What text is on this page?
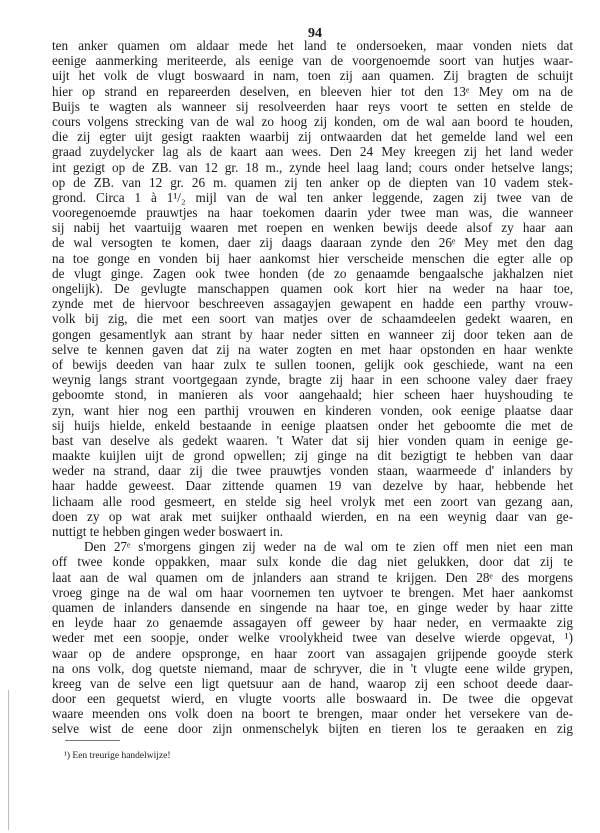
94
ten anker quamen om aldaar mede het land te ondersoeken, maar vonden niets dat
eenige aanmerking meriteerde, als eenige van de voorgenoemde soort van hutjes waar-
uijt het volk de vlugt boswaard in nam, toen zij aan quamen. Zij bragten de schuijt
hier op strand en repareerden deselven, en bleeven hier tot den 13ᵉ Mey om na de
Buijs te wagten als wanneer sij resolveerden haar reys voort te setten en stelde de
cours volgens strecking van de wal zo hoog zij konden, om de wal aan boord te houden,
die zij egter uijt gesigt raakten waarbij zij ontwaarden dat het gemelde land wel een
graad zuydelycker lag als de kaart aan wees. Den 24 Mey kreegen zij het land weder
int gezigt op de ZB. van 12 gr. 18 m., zynde heel laag land; cours onder hetselve langs;
op de ZB. van 12 gr. 26 m. quamen zij ten anker op de diepten van 10 vadem stek-
grond. Circa 1 à 1¹/₂ mijl van de wal ten anker leggende, zagen zij twee van de
vooregenoemde prauwtjes na haar toekomen daarin yder twee man was, die wanneer
sij nabij het vaartuijg waaren met roepen en wenken bewijs deede alsof zy haar aan
de wal versogten te komen, daer zij daags daaraan zynde den 26ᵉ Mey met den dag
na toe gonge en vonden bij haer aankomst hier verscheide menschen die egter alle op
de vlugt ginge. Zagen ook twee honden (de zo genaamde bengaalsche jakhalzen niet
ongelijk). De gevlugte manschappen quamen ook kort hier na weder na haar toe,
zynde met de hiervoor beschreeven assagayjen gewapent en hadde een parthy vrouw-
volk bij zig, die met een soort van matjes over de schaamdeelen gedekt waaren, en
gongen gesamentlyk aan strant by haar neder sitten en wanneer zij door teken aan de
selve te kennen gaven dat zij na water zogten en met haar opstonden en haar wenkte
of bewijs deeden van haar zulx te sullen toonen, gelijk ook geschiede, want na een
weynig langs strant voortgegaan zynde, bragte zij haar in een schoone valey daer fraey
geboomte stond, in manieren als voor aangehaald; hier scheen haer huyshouding te
zyn, want hier nog een parthij vrouwen en kinderen vonden, ook eenige plaatse daar
sij huijs hielde, enkeld bestaande in eenige plaatsen onder het geboomte die met de
bast van deselve als gedekt waaren. 't Water dat sij hier vonden quam in eenige ge-
maakte kuijlen uijt de grond opwellen; zij ginge na dit bezigtigt te hebben van daar
weder na strand, daar zij die twee prauwtjes vonden staan, waarmeede d' inlanders by
haar hadde geweest. Daar zittende quamen 19 van dezelve by haar, hebbende het
lichaam alle rood gesmeert, en stelde sig heel vrolyk met een zoort van gezang aan,
doen zy op wat arak met suijker onthaald wierden, en na een weynig daar van ge-
nuttigt te hebben gingen weder boswaert in.
Den 27ᵉ s'morgens gingen zij weder na de wal om te zien off men niet een man
off twee konde oppakken, maar sulx konde die dag niet gelukken, door dat zij te
laat aan de wal quamen om de jnlanders aan strand te krijgen. Den 28ᵉ des morgens
vroeg ginge na de wal om haar voornemen ten uytvoer te brengen. Met haer aankomst
quamen de inlanders dansende en singende na haar toe, en ginge weder by haar zitte
en leyde haar zo genaemde assagayen off geweer by haar neder, en vermaakte zig
weder met een soopje, onder welke vroolykheid twee van deselve wierde opgevat, ¹)
waar op de andere opspronge, en haar zoort van assagajen grijpende gooyde sterk
na ons volk, dog quetste niemand, maar de schryver, die in 't vlugte eene wilde grypen,
kreeg van de selve een ligt quetsuur aan de hand, waarop zij een schoot deede daar-
door een gequetst wierd, en vlugte voorts alle boswaard in. De twee die opgevat
waare meenden ons volk doen na boort te brengen, maar onder het versekere van de-
selve wist de eene door zijn onmenschelyk bijten en tieren los te geraaken en zig
¹) Een treurige handelwijze!
